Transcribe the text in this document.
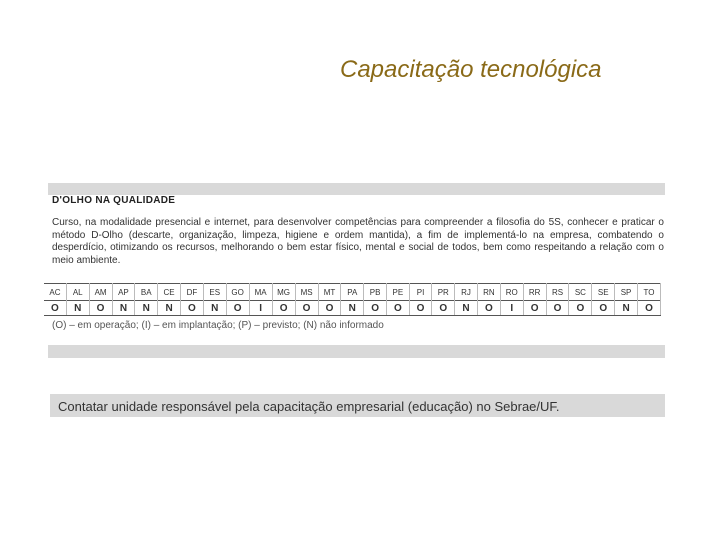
Capacitação tecnológica
D'OLHO NA QUALIDADE
Curso, na modalidade presencial e internet, para desenvolver competências para compreender a filosofia do 5S, conhecer e praticar o método D-Olho (descarte, organização, limpeza, higiene e ordem mantida), a fim de implementá-lo na empresa, combatendo o desperdício, otimizando os recursos, melhorando o bem estar físico, mental e social de todos, bem como respeitando a relação com o meio ambiente.
AC	AL	AM	AP	BA	CE	DF	ES	GO	MA	MG	MS	MT	PA	PB	PE	PI	PR	RJ	RN	RO	RR	RS	SC	SE	SP	TO
O	N	O	N	N	N	O	N	O	I	O	O	O	N	O	O	O	O	N	O	I	O	O	O	O	N	O
(O) – em operação; (I) – em implantação; (P) – previsto; (N) não informado
Contatar unidade responsável pela capacitação empresarial (educação) no Sebrae/UF.
